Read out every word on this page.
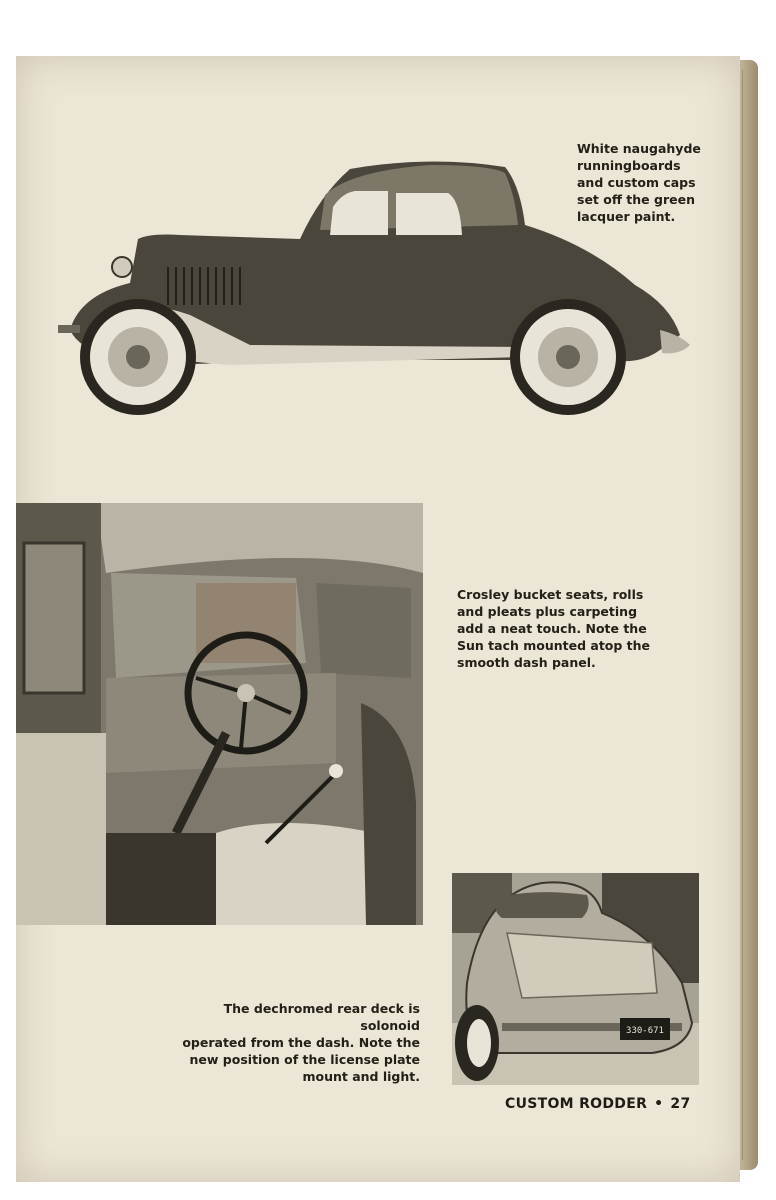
White naugahyde
runningboards
and custom caps
set off the green
lacquer paint.
Crosley bucket seats, rolls
and pleats plus carpeting
add a neat touch. Note the
Sun tach mounted atop the
smooth dash panel.
330-671
The dechromed rear deck is solonoid
operated from the dash. Note the
new position of the license plate
mount and light.
CUSTOM RODDER • 27
